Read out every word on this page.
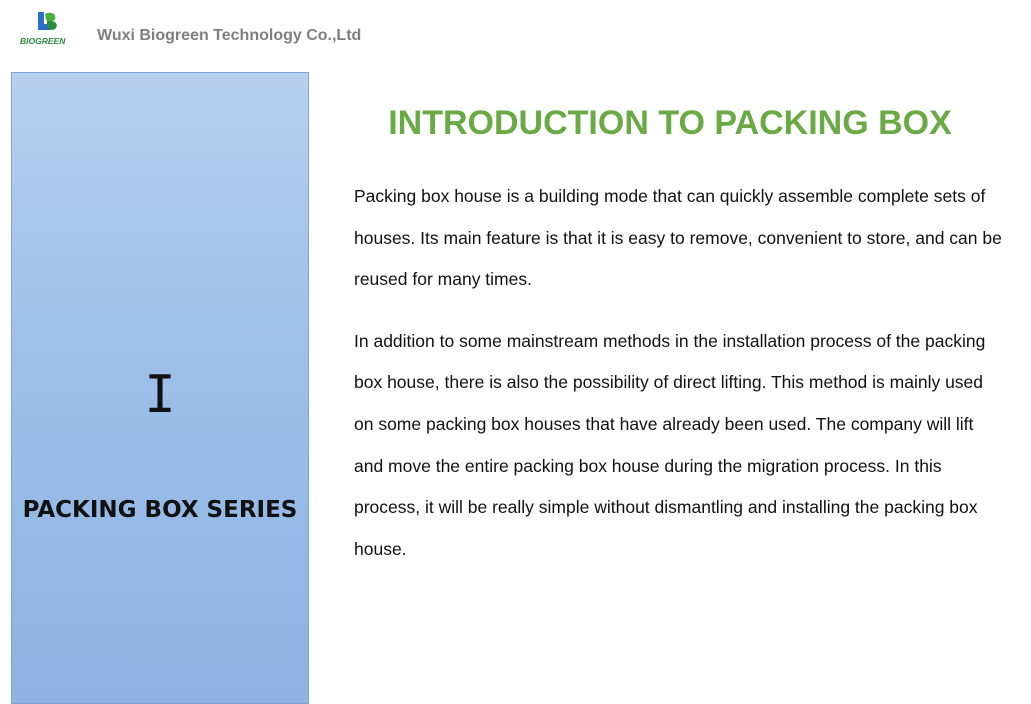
BIOGREEN Wuxi Biogreen Technology Co.,Ltd
I
PACKING BOX SERIES
INTRODUCTION TO PACKING BOX

Packing box house is a building mode that can quickly assemble complete sets of houses. Its main feature is that it is easy to remove, convenient to store, and can be reused for many times.

In addition to some mainstream methods in the installation process of the packing box house, there is also the possibility of direct lifting. This method is mainly used on some packing box houses that have already been used. The company will lift and move the entire packing box house during the migration process. In this process, it will be really simple without dismantling and installing the packing box house.
